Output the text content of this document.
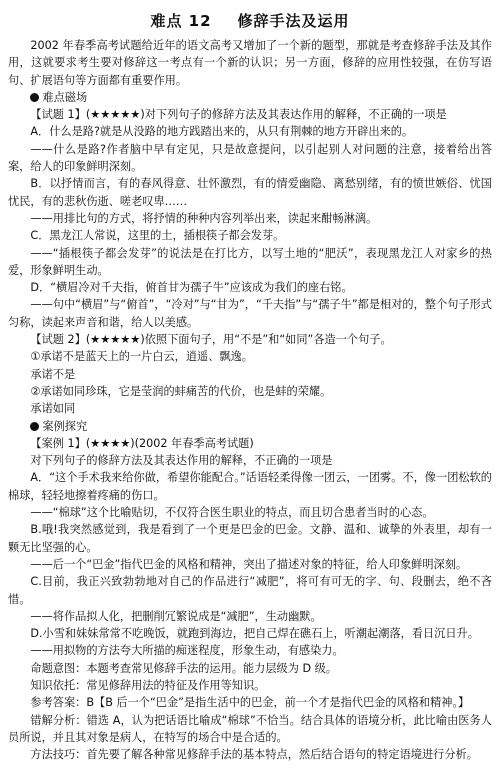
难点 12 修辞手法及运用

2002 年春季高考试题给近年的语文高考又增加了一个新的题型，那就是考查修辞手法及其作用，这就要求考生要对修辞这一考点有一个新的认识；另一方面，修辞的应用性较强，在仿写语句、扩展语句等方面都有重要作用。

难点磁场

【试题 1】(★★★★★)对下列句子的修辞方法及其表达作用的解释，不正确的一项是

A．什么是路?就是从没路的地方践踏出来的，从只有荆棘的地方开辟出来的。

——什么是路?作者脑中早有定见，只是故意提问，以引起别人对问题的注意，接着给出答案，给人的印象鲜明深刻。

B．以抒情而言，有的春风得意、壮怀激烈，有的情爱幽隐、离愁别绪，有的愤世嫉俗、忧国忧民，有的悲秋伤逝、嗟老叹卑……

——用排比句的方式，将抒情的种种内容列举出来，读起来酣畅淋漓。

C．黑龙江人常说，这里的土，插根筷子都会发芽。

——“插根筷子都会发芽”的说法是在打比方，以写土地的“肥沃”，表现黑龙江人对家乡的热爱，形象鲜明生动。

D．“横眉冷对千夫指，俯首甘为孺子牛”应该成为我们的座右铭。

——句中“横眉”与“俯首”，“冷对”与“甘为”，“千夫指”与“孺子牛”都是相对的，整个句子形式匀称，读起来声音和谐，给人以美感。

【试题 2】(★★★★★)依照下面句子，用“不是”和“如同”各造一个句子。

①承诺不是蓝天上的一片白云，逍遥、飘逸。

承诺不是

②承诺如同珍珠，它是莹润的蚌痛苦的代价，也是蚌的荣耀。

承诺如同

案例探究

【案例 1】(★★★★)(2002 年春季高考试题)

对下列句子的修辞方法及其表达作用的解释，不正确的一项是

A．“这个手术我来给你做，希望你能配合。”话语轻柔得像一团云，一团雾。不，像一团松软的棉球，轻轻地擦着疼痛的伤口。

——“棉球”这个比喻贴切，不仅符合医生职业的特点，而且切合患者当时的心态。

B.哦!我突然感觉到，我是看到了一个更是巴金的巴金。文静、温和、诚挚的外表里，却有一颗无比坚强的心。

——后一个“巴金”指代巴金的风格和精神，突出了描述对象的特征，给人印象鲜明深刻。

C.目前，我正兴致勃勃地对自己的作品进行“减肥”，将可有可无的字、句、段删去，绝不吝惜。

——将作品拟人化，把删削冗繁说成是“减肥”，生动幽默。

D.小雪和妹妹常常不吃晚饭，就跑到海边，把自己焊在礁石上，听潮起潮落，看日沉日升。

——用拟物的方法夸大所描的痴迷程度，形象生动，有感染力。

命题意图：本题考查常见修辞手法的运用。能力层级为 D 级。

知识依托：常见修辞用法的特征及作用等知识。

参考答案：B【B 后一个“巴金”是指生活中的巴金，前一个才是指代巴金的风格和精神。】

错解分析：错选 A，认为把话语比喻成“棉球”不恰当。结合具体的语境分析，此比喻由医务人员所说，并且其对象是病人，在特写的场合中是合适的。

方法技巧：首先要了解各种常见修辞手法的基本特点，然后结合语句的特定语境进行分析。
